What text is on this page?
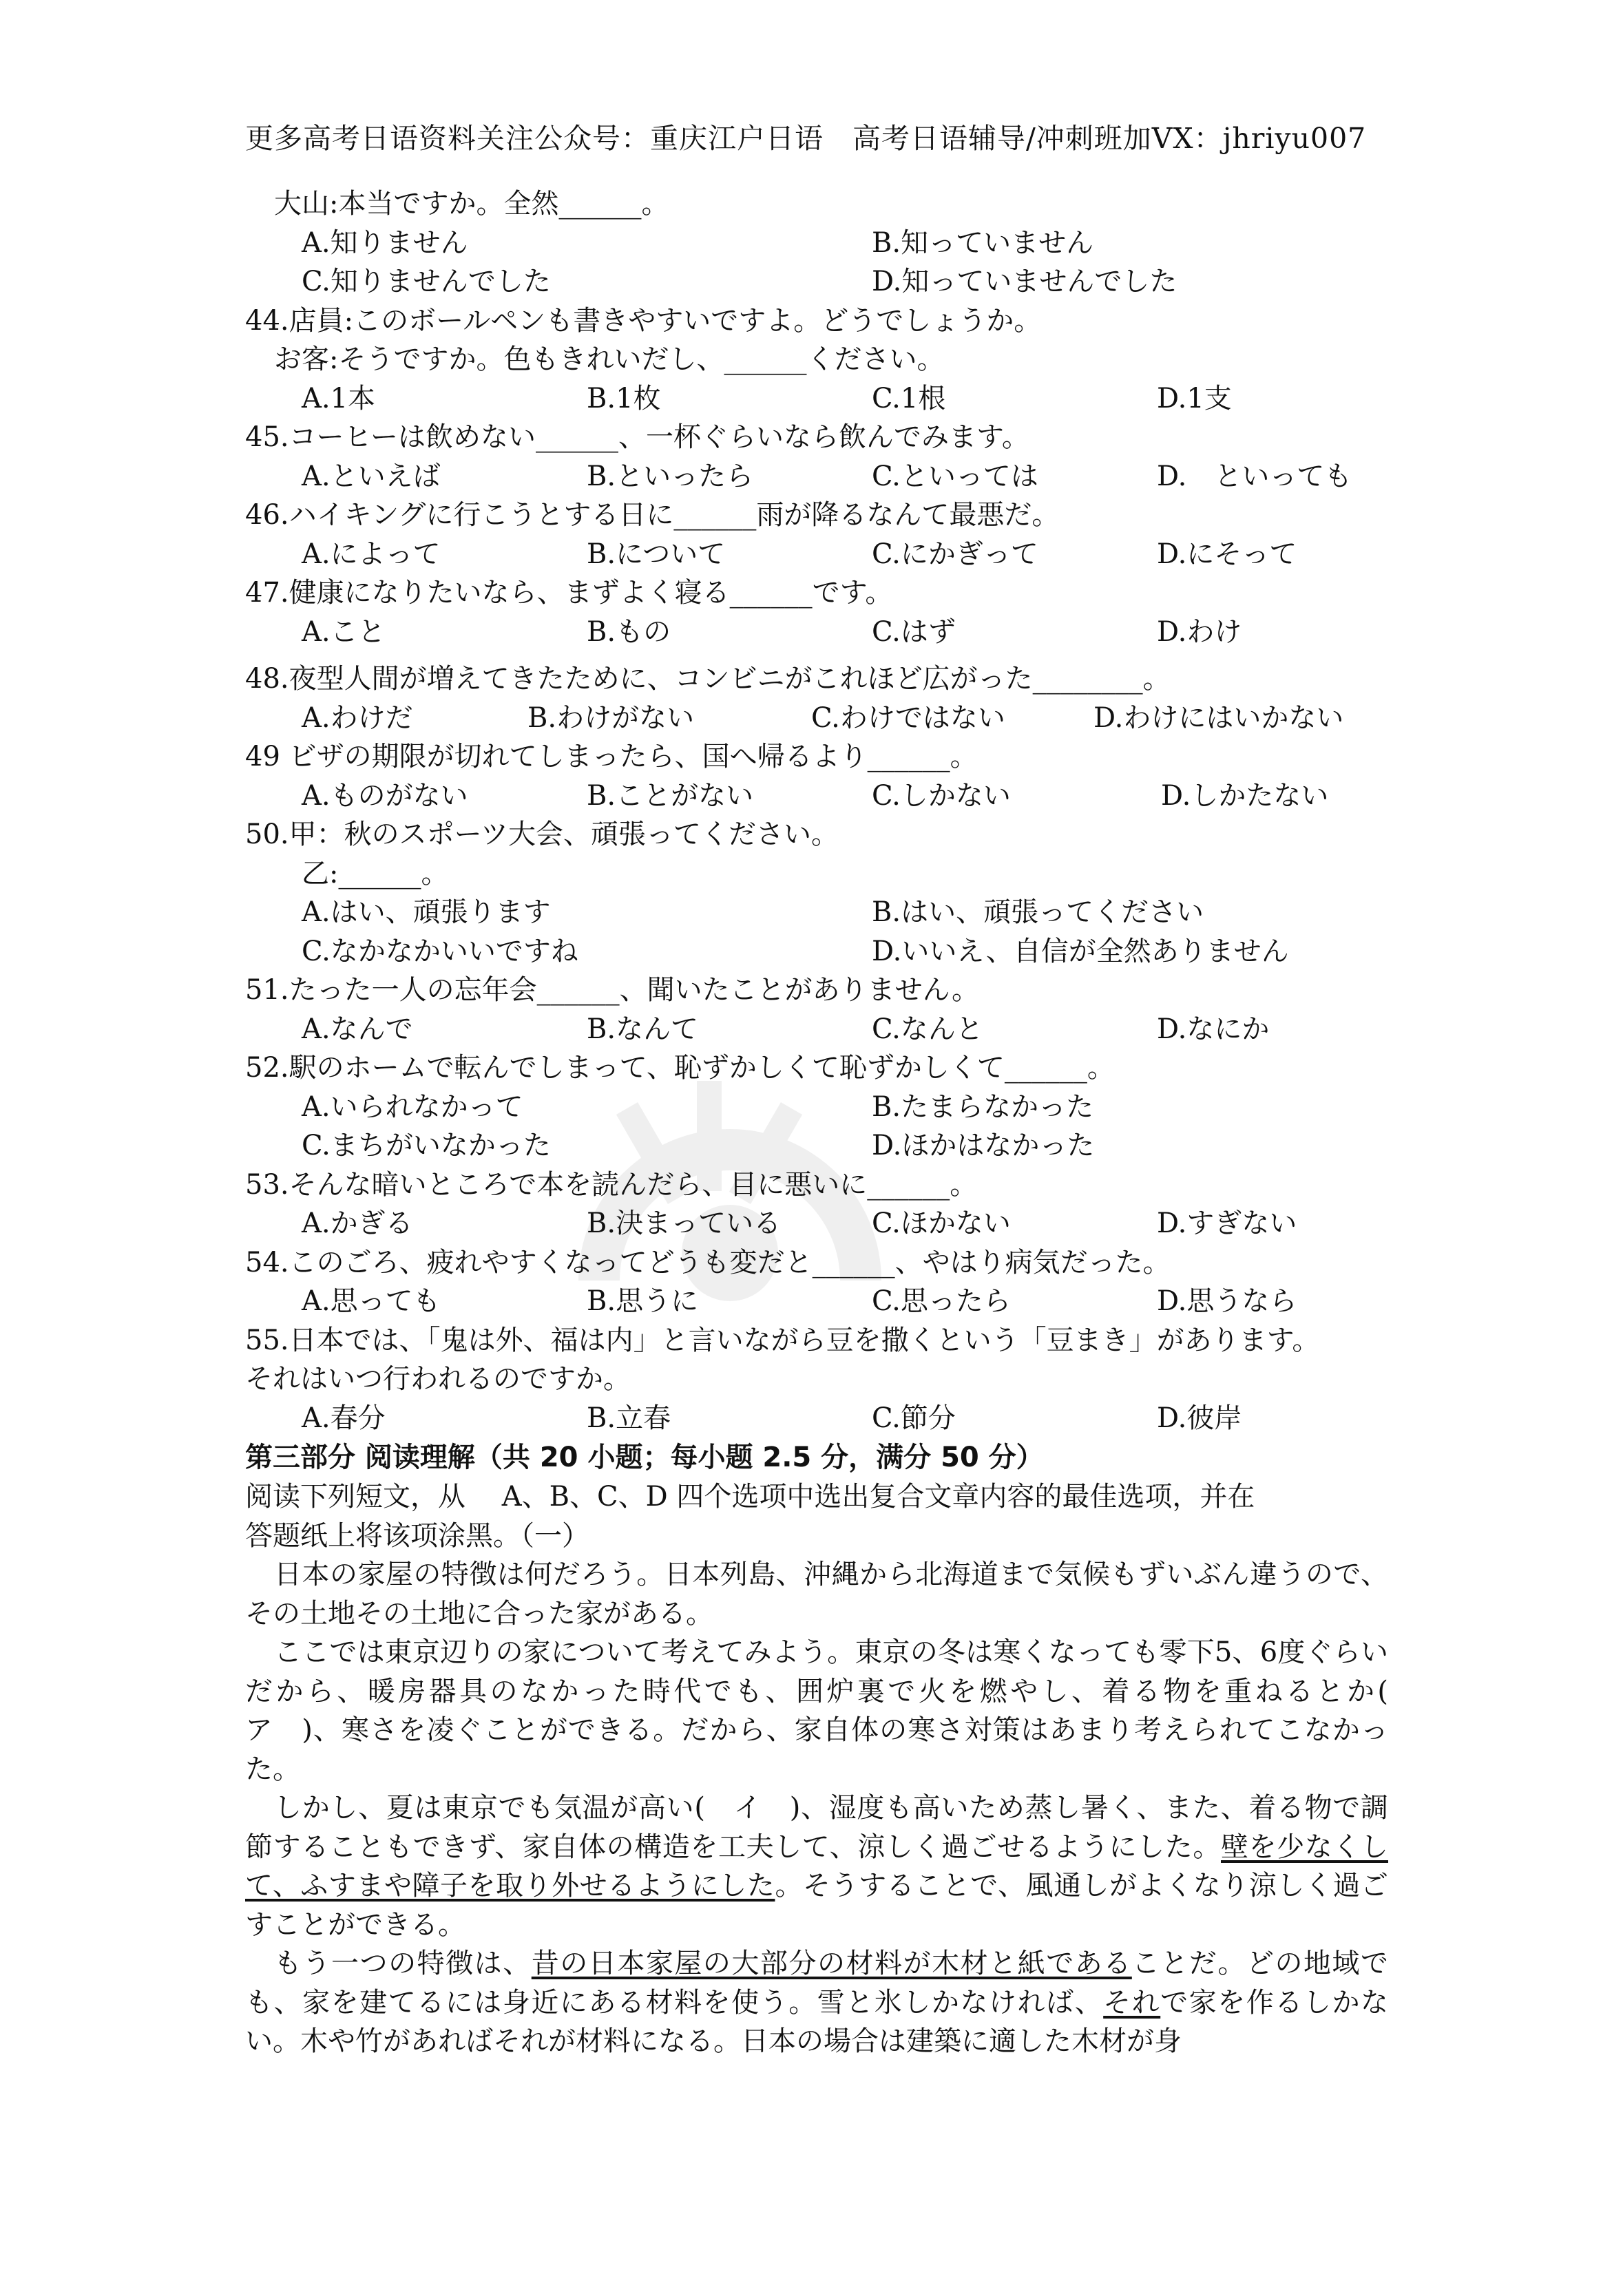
更多高考日语资料关注公众号：重庆江户日语　高考日语辅导/冲刺班加VX：jhriyu007
大山:本当ですか。全然______。
A.知りません	B.知っていません
C.知りませんでした	D.知っていませんでした
44.店員:このボールペンも書きやすいですよ。どうでしょうか。
お客:そうですか。色もきれいだし、______ください。
A.1本	B.1枚	C.1根	D.1支
45.コーヒーは飲めない______、一杯ぐらいなら飲んでみます。
A.といえば	B.といったら	C.といっては	D.　といっても
46.ハイキングに行こうとする日に______雨が降るなんて最悪だ。
A.によって	B.について	C.にかぎって	D.にそって
47.健康になりたいなら、まずよく寝る______です。
A.こと	B.もの	C.はず	D.わけ
48.夜型人間が増えてきたために、コンビニがこれほど広がった________。
A.わけだ	B.わけがない	C.わけではない	D.わけにはいかない
49 ビザの期限が切れてしまったら、国へ帰るより______。
A.ものがない	B.ことがない	C.しかない	D.しかたない
50.甲：秋のスポーツ大会、頑張ってください。
乙:______。
A.はい、頑張ります	B.はい、頑張ってください
C.なかなかいいですね	D.いいえ、自信が全然ありません
51.たった一人の忘年会______、聞いたことがありません。
A.なんで	B.なんて	C.なんと	D.なにか
52.駅のホームで転んでしまって、恥ずかしくて恥ずかしくて______。
A.いられなかって	B.たまらなかった
C.まちがいなかった	D.ほかはなかった
53.そんな暗いところで本を読んだら、目に悪いに______。
A.かぎる	B.決まっている	C.ほかない	D.すぎない
54.このごろ、疲れやすくなってどうも変だと______、やはり病気だった。
A.思っても	B.思うに	C.思ったら	D.思うなら
55.日本では、「鬼は外、福は内」と言いながら豆を撒くという「豆まき」があります。
それはいつ行われるのですか。
A.春分	B.立春	C.節分	D.彼岸
第三部分 阅读理解（共 20 小题；每小题 2.5 分，满分 50 分）
阅读下列短文，从　 A、B、C、D 四个选项中选出复合文章内容的最佳选项，并在
答题纸上将该项涂黑。（一）
日本の家屋の特徴は何だろう。日本列島、沖縄から北海道まで気候もずいぶん違うので、その土地その土地に合った家がある。
ここでは東京辺りの家について考えてみよう。東京の冬は寒くなっても零下5、6度ぐらいだから、暖房器具のなかった時代でも、囲炉裏で火を燃やし、着る物を重ねるとか(　ア　)、寒さを凌ぐことができる。だから、家自体の寒さ対策はあまり考えられてこなかった。
しかし、夏は東京でも気温が高い(　イ　)、湿度も高いため蒸し暑く、また、着る物で調節することもできず、家自体の構造を工夫して、涼しく過ごせるようにした。壁を少なくして、ふすまや障子を取り外せるようにした。そうすることで、風通しがよくなり涼しく過ごすことができる。
もう一つの特徴は、昔の日本家屋の大部分の材料が木材と紙であることだ。どの地域でも、家を建てるには身近にある材料を使う。雪と氷しかなければ、それで家を作るしかない。木や竹があればそれが材料になる。日本の場合は建築に適した木材が身
